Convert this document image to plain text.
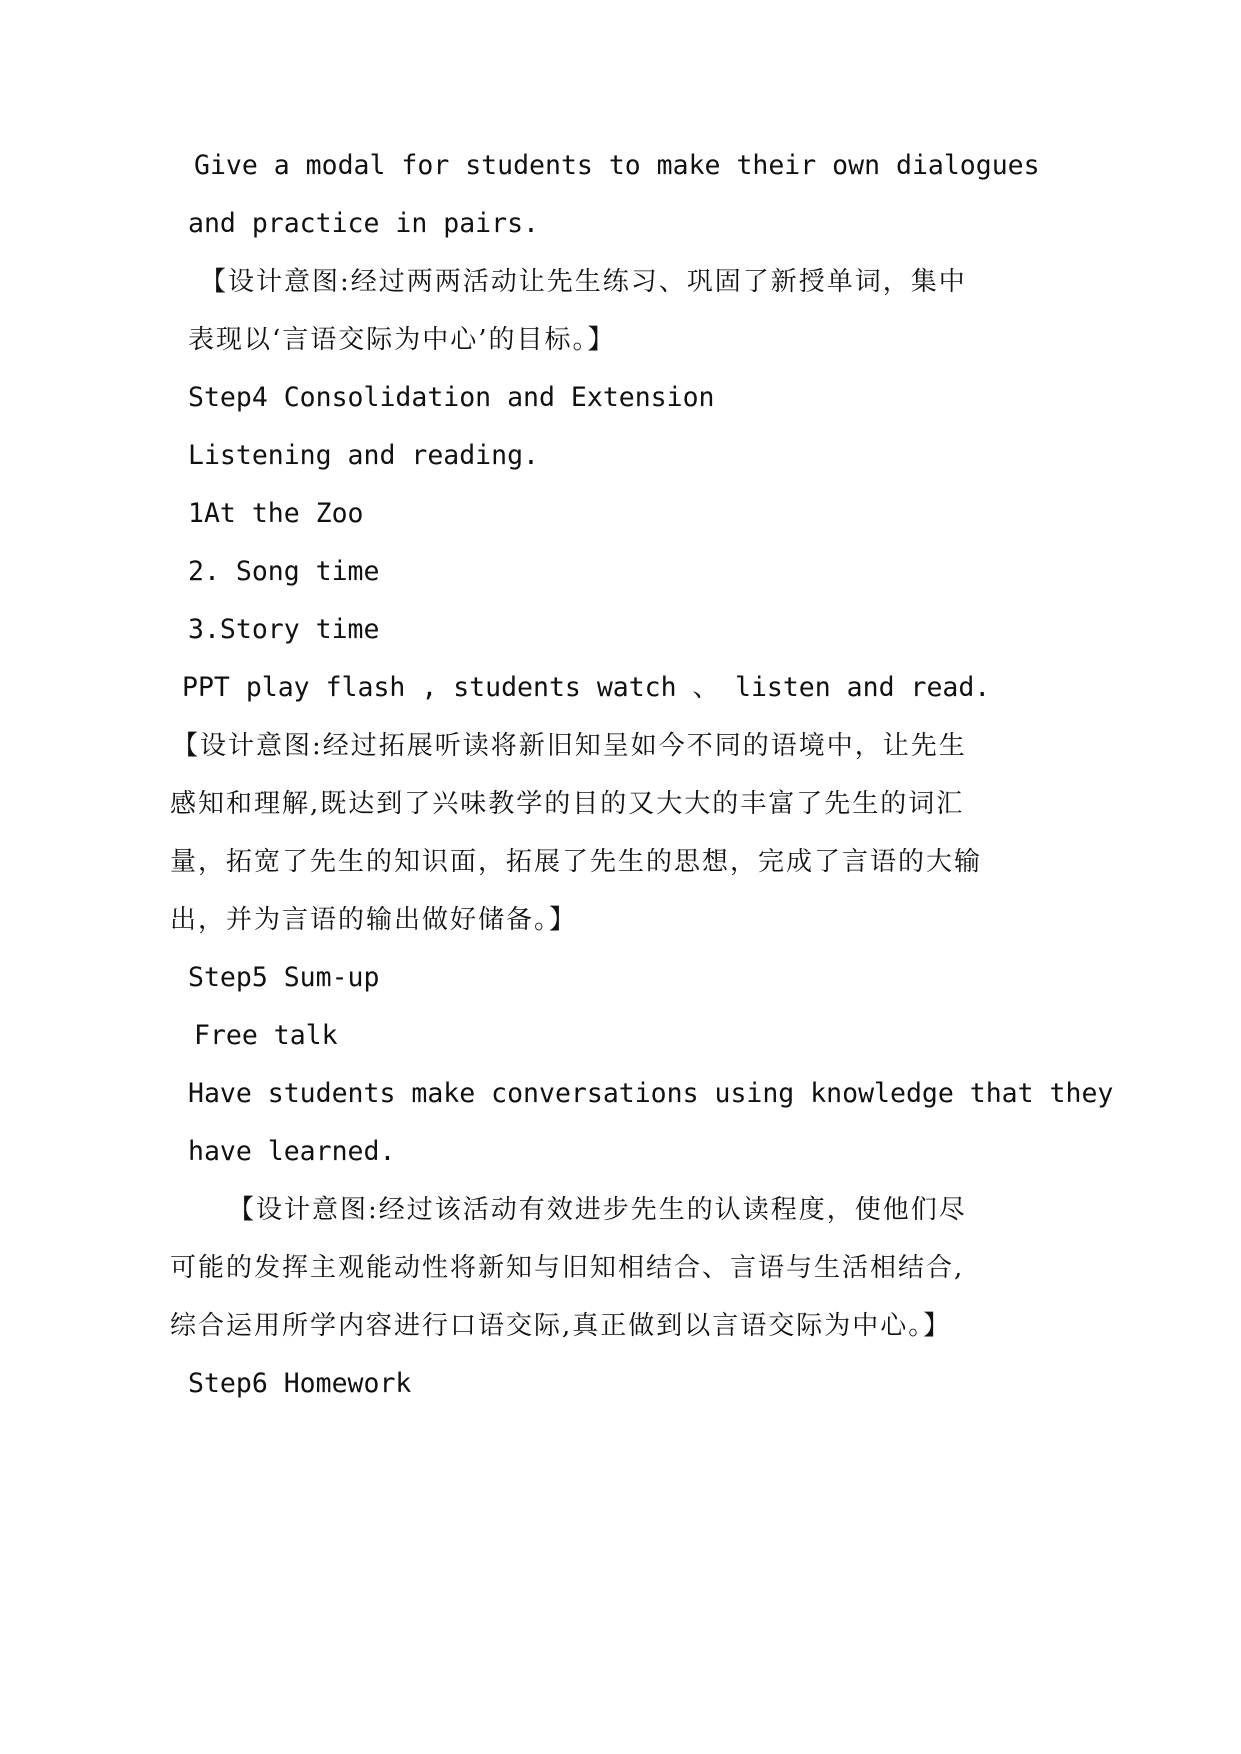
Give a modal for students to make their own dialogues
and practice in pairs.
【设计意图:经过两两活动让先生练习、巩固了新授单词，集中
表现以‘言语交际为中心’的目标。】
Step4 Consolidation and Extension
Listening and reading.
1At the Zoo
2. Song time
3.Story time
PPT play flash , students watch 、 listen and read.
【设计意图:经过拓展听读将新旧知呈如今不同的语境中，让先生
感知和理解,既达到了兴味教学的目的又大大的丰富了先生的词汇
量，拓宽了先生的知识面，拓展了先生的思想，完成了言语的大输
出，并为言语的输出做好储备。】
Step5 Sum-up
Free talk
Have students make conversations using knowledge that they
have learned.
【设计意图:经过该活动有效进步先生的认读程度，使他们尽
可能的发挥主观能动性将新知与旧知相结合、言语与生活相结合,
综合运用所学内容进行口语交际,真正做到以言语交际为中心。】
Step6 Homework
